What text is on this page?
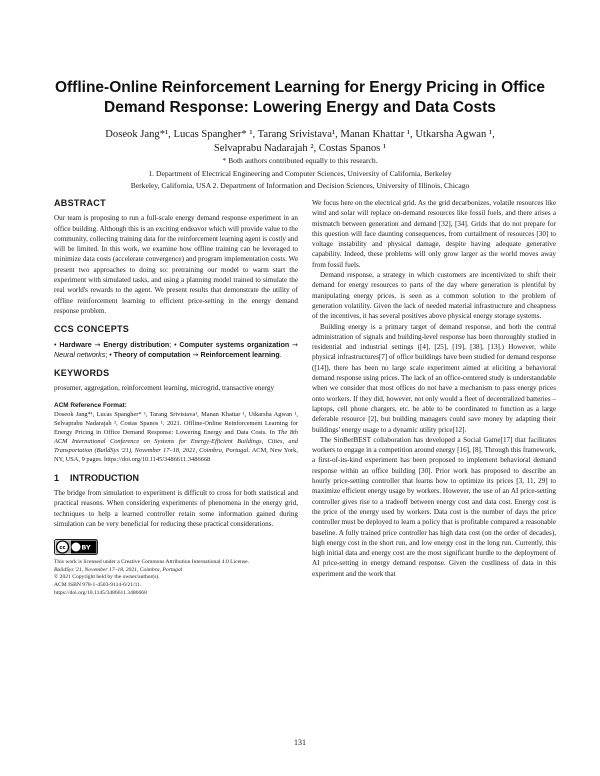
Offline-Online Reinforcement Learning for Energy Pricing in Office Demand Response: Lowering Energy and Data Costs
Doseok Jang*¹, Lucas Spangher* ¹, Tarang Srivistava¹, Manan Khattar ¹, Utkarsha Agwan ¹,
Selvaprabu Nadarajah ², Costas Spanos ¹
* Both authors contributed equally to this research.
1. Department of Electrical Engineering and Computer Sciences, University of California, Berkeley
Berkeley, California, USA 2. Department of Information and Decision Sciences, University of Illinois, Chicago
ABSTRACT

Our team is proposing to run a full-scale energy demand response experiment in an office building. Although this is an exciting endeavor which will provide value to the community, collecting training data for the reinforcement learning agent is costly and will be limited. In this work, we examine how offline training can be leveraged to minimize data costs (accelerate convergence) and program implementation costs. We present two approaches to doing so: pretraining our model to warm start the experiment with simulated tasks, and using a planning model trained to simulate the real world's rewards to the agent. We present results that demonstrate the utility of offline reinforcement learning to efficient price-setting in the energy demand response problem.

CCS CONCEPTS

• Hardware → Energy distribution; • Computer systems organization → Neural networks; • Theory of computation → Reinforcement learning.

KEYWORDS

prosumer, aggregation, reinforcement learning, microgrid, transactive energy

ACM Reference Format:
Doseok Jang*¹, Lucas Spangher* ¹, Tarang Srivistava¹, Manan Khattar ¹, Utkarsha Agwan ¹, Selvaprabu Nadarajah ², Costas Spanos ¹. 2021. Offline-Online Reinforcement Learning for Energy Pricing in Office Demand Response: Lowering Energy and Data Costs. In The 8th ACM International Conference on Systems for Energy-Efficient Buildings, Cities, and Transportation (BuildSys '21), November 17–18, 2021, Coimbra, Portugal. ACM, New York, NY, USA, 9 pages. https://doi.org/10.1145/3486611.3486668

1 INTRODUCTION

The bridge from simulation to experiment is difficult to cross for both statistical and practical reasons. When considering experiments of phenomena in the energy grid, techniques to help a learned controller retain some information gained during simulation can be very beneficial for reducing these practical considerations.

cc BY
This work is licensed under a Creative Commons Attribution International 4.0 License.
BuildSys '21, November 17–18, 2021, Coimbra, Portugal
© 2021 Copyright held by the owner/author(s).
ACM ISBN 978-1-4503-9114-6/21/11.
https://doi.org/10.1145/3486611.3486668

We focus here on the electrical grid. As the grid decarbonizes, volatile resources like wind and solar will replace on-demand resources like fossil fuels, and there arises a mismatch between generation and demand [32], [34]. Grids that do not prepare for this question will face daunting consequences, from curtailment of resources [30] to voltage instability and physical damage, despite having adequate generative capability. Indeed, these problems will only grow larger as the world moves away from fossil fuels.

Demand response, a strategy in which customers are incentivized to shift their demand for energy resources to parts of the day where generation is plentiful by manipulating energy prices, is seen as a common solution to the problem of generation volatility. Given the lack of needed material infrastructure and cheapness of the incentives, it has several positives above physical energy storage systems.

Building energy is a primary target of demand response, and both the central administration of signals and building-level response has been thoroughly studied in residential and industrial settings ([4], [25], [19], [38], [13].) However, while physical infrastructures[7] of office buildings have been studied for demand response ([14]), there has been no large scale experiment aimed at eliciting a behavioral demand response using prices. The lack of an office-centered study is understandable when we consider that most offices do not have a mechanism to pass energy prices onto workers. If they did, however, not only would a fleet of decentralized batteries – laptops, cell phone chargers, etc. be able to be coordinated to function as a large deferable resource [2], but building managers could save money by adapting their buildings' energy usage to a dynamic utility price[12].

The SinBerBEST collaboration has developed a Social Game[17] that facilitates workers to engage in a competition around energy [16], [8]. Through this framework, a first-of-its-kind experiment has been proposed to implement behavioral demand response within an office building [30]. Prior work has proposed to describe an hourly price-setting controller that learns how to optimize its prices [3, 11, 29] to maximize efficient energy usage by workers. However, the use of an AI price-setting controller gives rise to a tradeoff between energy cost and data cost. Energy cost is the price of the energy used by workers. Data cost is the number of days the price controller must be deployed to learn a policy that is profitable compared a reasonable baseline. A fully trained price controller has high data cost (on the order of decades), high energy cost in the short run, and low energy cost in the long run. Currently, this high initial data and energy cost are the most significant hurdle to the deployment of AI price-setting in energy demand response. Given the costliness of data in this experiment and the work that

131
